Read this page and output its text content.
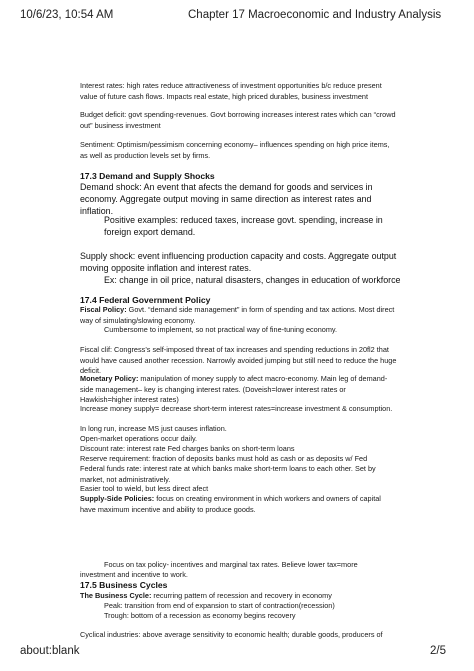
10/6/23, 10:54 AM	Chapter 17 Macroeconomic and Industry Analysis
Interest rates: high rates reduce attractiveness of investment opportunities b/c reduce present value of future cash flows. Impacts real estate, high priced durables, business investment
Budget deficit: govt spending-revenues. Govt borrowing increases interest rates which can “crowd out” business investment
Sentiment: Optimism/pessimism concerning economy– influences spending on high price items, as well as production levels set by firms.
17.3 Demand and Supply Shocks
Demand shock: An event that afects the demand for goods and services in economy. Aggregate output moving in same direction as interest rates and inflation.
Positive examples: reduced taxes, increase govt. spending, increase in foreign export demand.
Supply shock: event influencing production capacity and costs. Aggregate output moving opposite inflation and interest rates.
Ex: change in oil price, natural disasters, changes in education of workforce
17.4 Federal Government Policy
Fiscal Policy: Govt. “demand side management” in form of spending and tax actions. Most direct way of simulating/slowing economy.
Cumbersome to implement, so not practical way of fine-tuning economy.
Fiscal clif: Congress’s self-imposed threat of tax increases and spending reductions in 20fl2 that would have caused another recession. Narrowly avoided jumping but still need to reduce the huge deficit.
Monetary Policy: manipulation of money supply to afect macro-economy. Main leg of demand-side management– key is changing interest rates. (Doveish=lower interest rates or Hawkish=higher interest rates)
Increase money supply= decrease short-term interest rates=increase investment & consumption.
In long run, increase MS just causes inflation.
Open-market operations occur daily.
Discount rate: interest rate Fed charges banks on short-term loans
Reserve requirement: fraction of deposits banks must hold as cash or as deposits w/ Fed
Federal funds rate: interest rate at which banks make short-term loans to each other. Set by market, not administratively.
Easier tool to wield, but less direct afect
Supply-Side Policies: focus on creating environment in which workers and owners of capital have maximum incentive and ability to produce goods.
Focus on tax policy- incentives and marginal tax rates. Believe lower tax=more
investment and incentive to work.
17.5 Business Cycles
The Business Cycle: recurring pattern of recession and recovery in economy
Peak: transition from end of expansion to start of contraction(recession)
Trough: bottom of a recession as economy begins recovery
Cyclical industries: above average sensitivity to economic health; durable goods, producers of
about:blank	2/5
